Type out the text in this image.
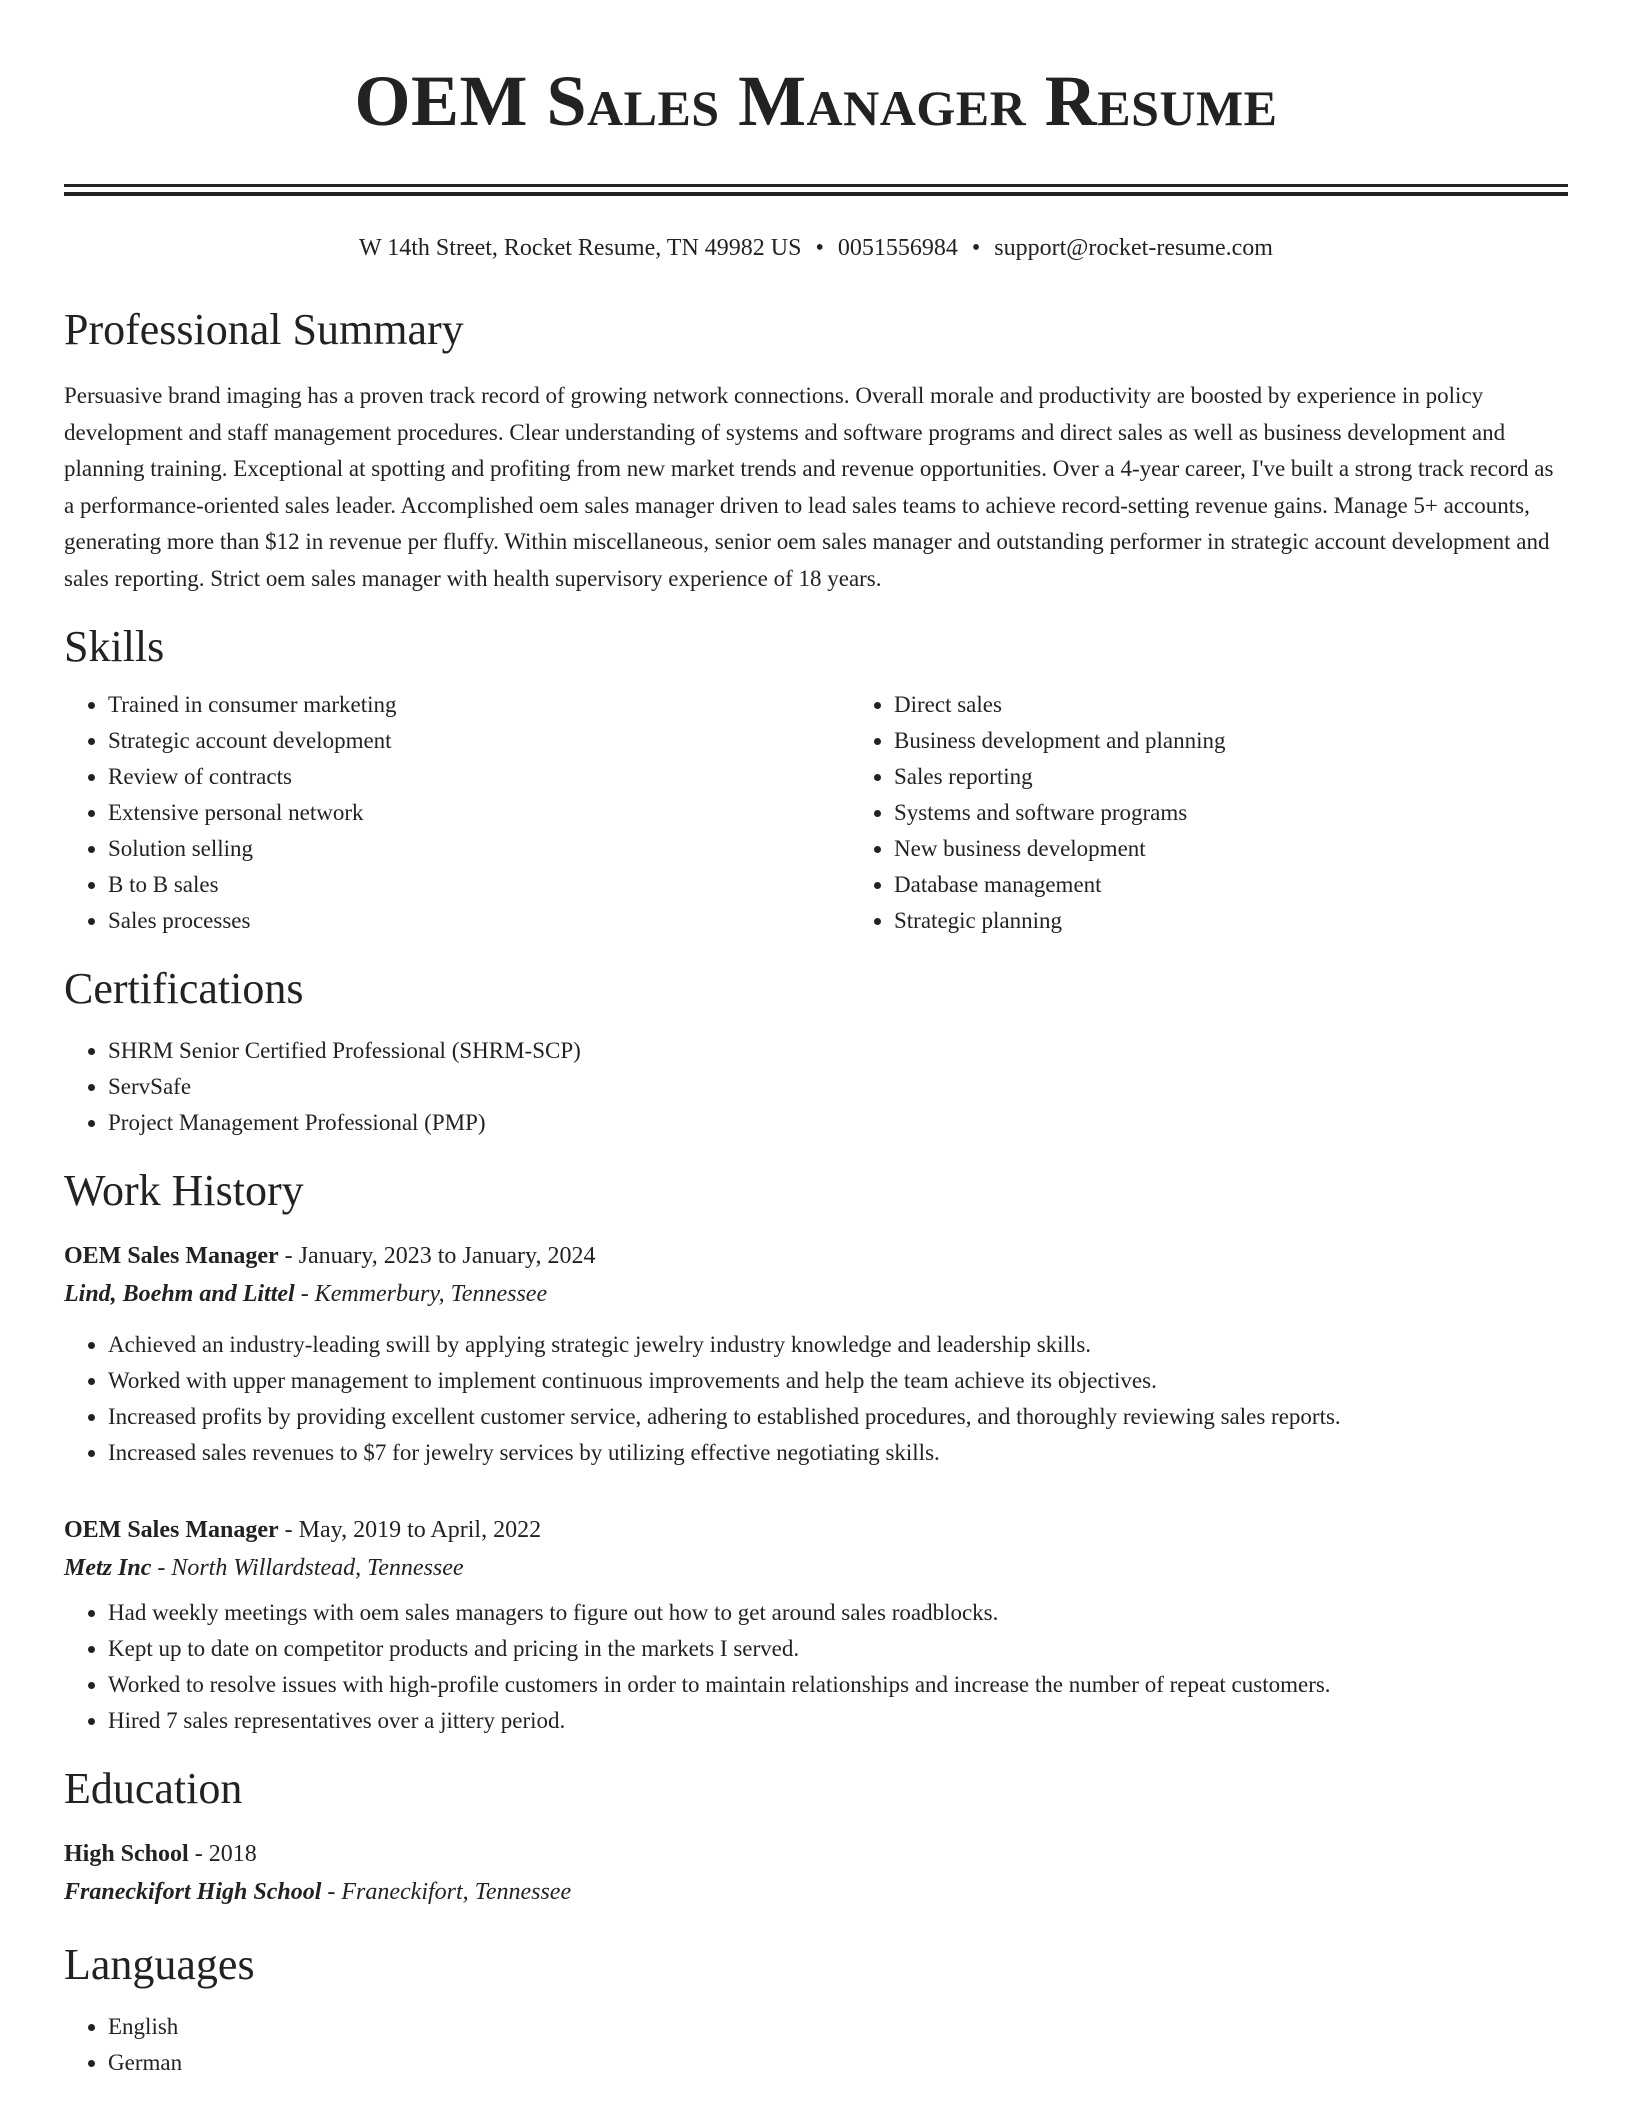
OEM Sales Manager Resume
W 14th Street, Rocket Resume, TN 49982 US • 0051556984 • support@rocket-resume.com
Professional Summary

Persuasive brand imaging has a proven track record of growing network connections. Overall morale and productivity are boosted by experience in policy development and staff management procedures. Clear understanding of systems and software programs and direct sales as well as business development and planning training. Exceptional at spotting and profiting from new market trends and revenue opportunities. Over a 4-year career, I've built a strong track record as a performance-oriented sales leader. Accomplished oem sales manager driven to lead sales teams to achieve record-setting revenue gains. Manage 5+ accounts, generating more than $12 in revenue per fluffy. Within miscellaneous, senior oem sales manager and outstanding performer in strategic account development and sales reporting. Strict oem sales manager with health supervisory experience of 18 years.

Skills
• Trained in consumer marketing
• Strategic account development
• Review of contracts
• Extensive personal network
• Solution selling
• B to B sales
• Sales processes
• Direct sales
• Business development and planning
• Sales reporting
• Systems and software programs
• New business development
• Database management
• Strategic planning
Certifications
• SHRM Senior Certified Professional (SHRM-SCP)
• ServSafe
• Project Management Professional (PMP)
Work History
OEM Sales Manager - January, 2023 to January, 2024
Lind, Boehm and Littel - Kemmerbury, Tennessee
• Achieved an industry-leading swill by applying strategic jewelry industry knowledge and leadership skills.
• Worked with upper management to implement continuous improvements and help the team achieve its objectives.
• Increased profits by providing excellent customer service, adhering to established procedures, and thoroughly reviewing sales reports.
• Increased sales revenues to $7 for jewelry services by utilizing effective negotiating skills.
OEM Sales Manager - May, 2019 to April, 2022
Metz Inc - North Willardstead, Tennessee
• Had weekly meetings with oem sales managers to figure out how to get around sales roadblocks.
• Kept up to date on competitor products and pricing in the markets I served.
• Worked to resolve issues with high-profile customers in order to maintain relationships and increase the number of repeat customers.
• Hired 7 sales representatives over a jittery period.
Education
High School - 2018
Franeckifort High School - Franeckifort, Tennessee
Languages
• English
• German
